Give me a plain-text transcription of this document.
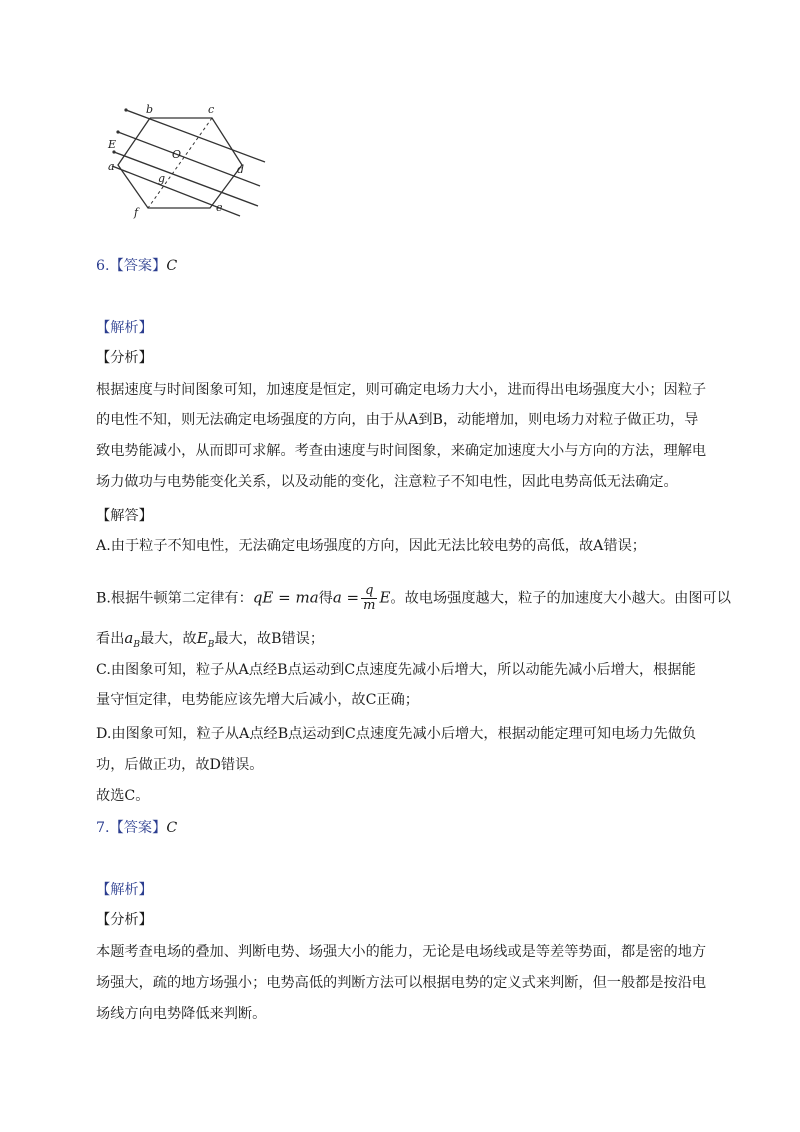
b	c
E
O
d
a
g
f	e
6.【答案】C
【解析】
【分析】
根据速度与时间图象可知，加速度是恒定，则可确定电场力大小，进而得出电场强度大小；因粒子
的电性不知，则无法确定电场强度的方向，由于从A到B，动能增加，则电场力对粒子做正功，导
致电势能减小，从而即可求解。考查由速度与时间图象，来确定加速度大小与方向的方法，理解电
场力做功与电势能变化关系，以及动能的变化，注意粒子不知电性，因此电势高低无法确定。
【解答】
A.由于粒子不知电性，无法确定电场强度的方向，因此无法比较电势的高低，故A错误；
B.根据牛顿第二定律有：qE = ma得$a = \frac{q}{m}$ E。故电场强度越大，粒子的加速度大小越大。由图可以
看出$a_B$最大，故$E_B$最大，故B错误；
C.由图象可知，粒子从A点经B点运动到C点速度先减小后增大，所以动能先减小后增大，根据能
量守恒定律，电势能应该先增大后减小，故C正确；
D.由图象可知，粒子从A点经B点运动到C点速度先减小后增大，根据动能定理可知电场力先做负
功，后做正功，故D错误。
故选C。
7.【答案】C
【解析】
【分析】
本题考查电场的叠加、判断电势、场强大小的能力，无论是电场线或是等差等势面，都是密的地方
场强大，疏的地方场强小；电势高低的判断方法可以根据电势的定义式来判断，但一般都是按沿电
场线方向电势降低来判断。
